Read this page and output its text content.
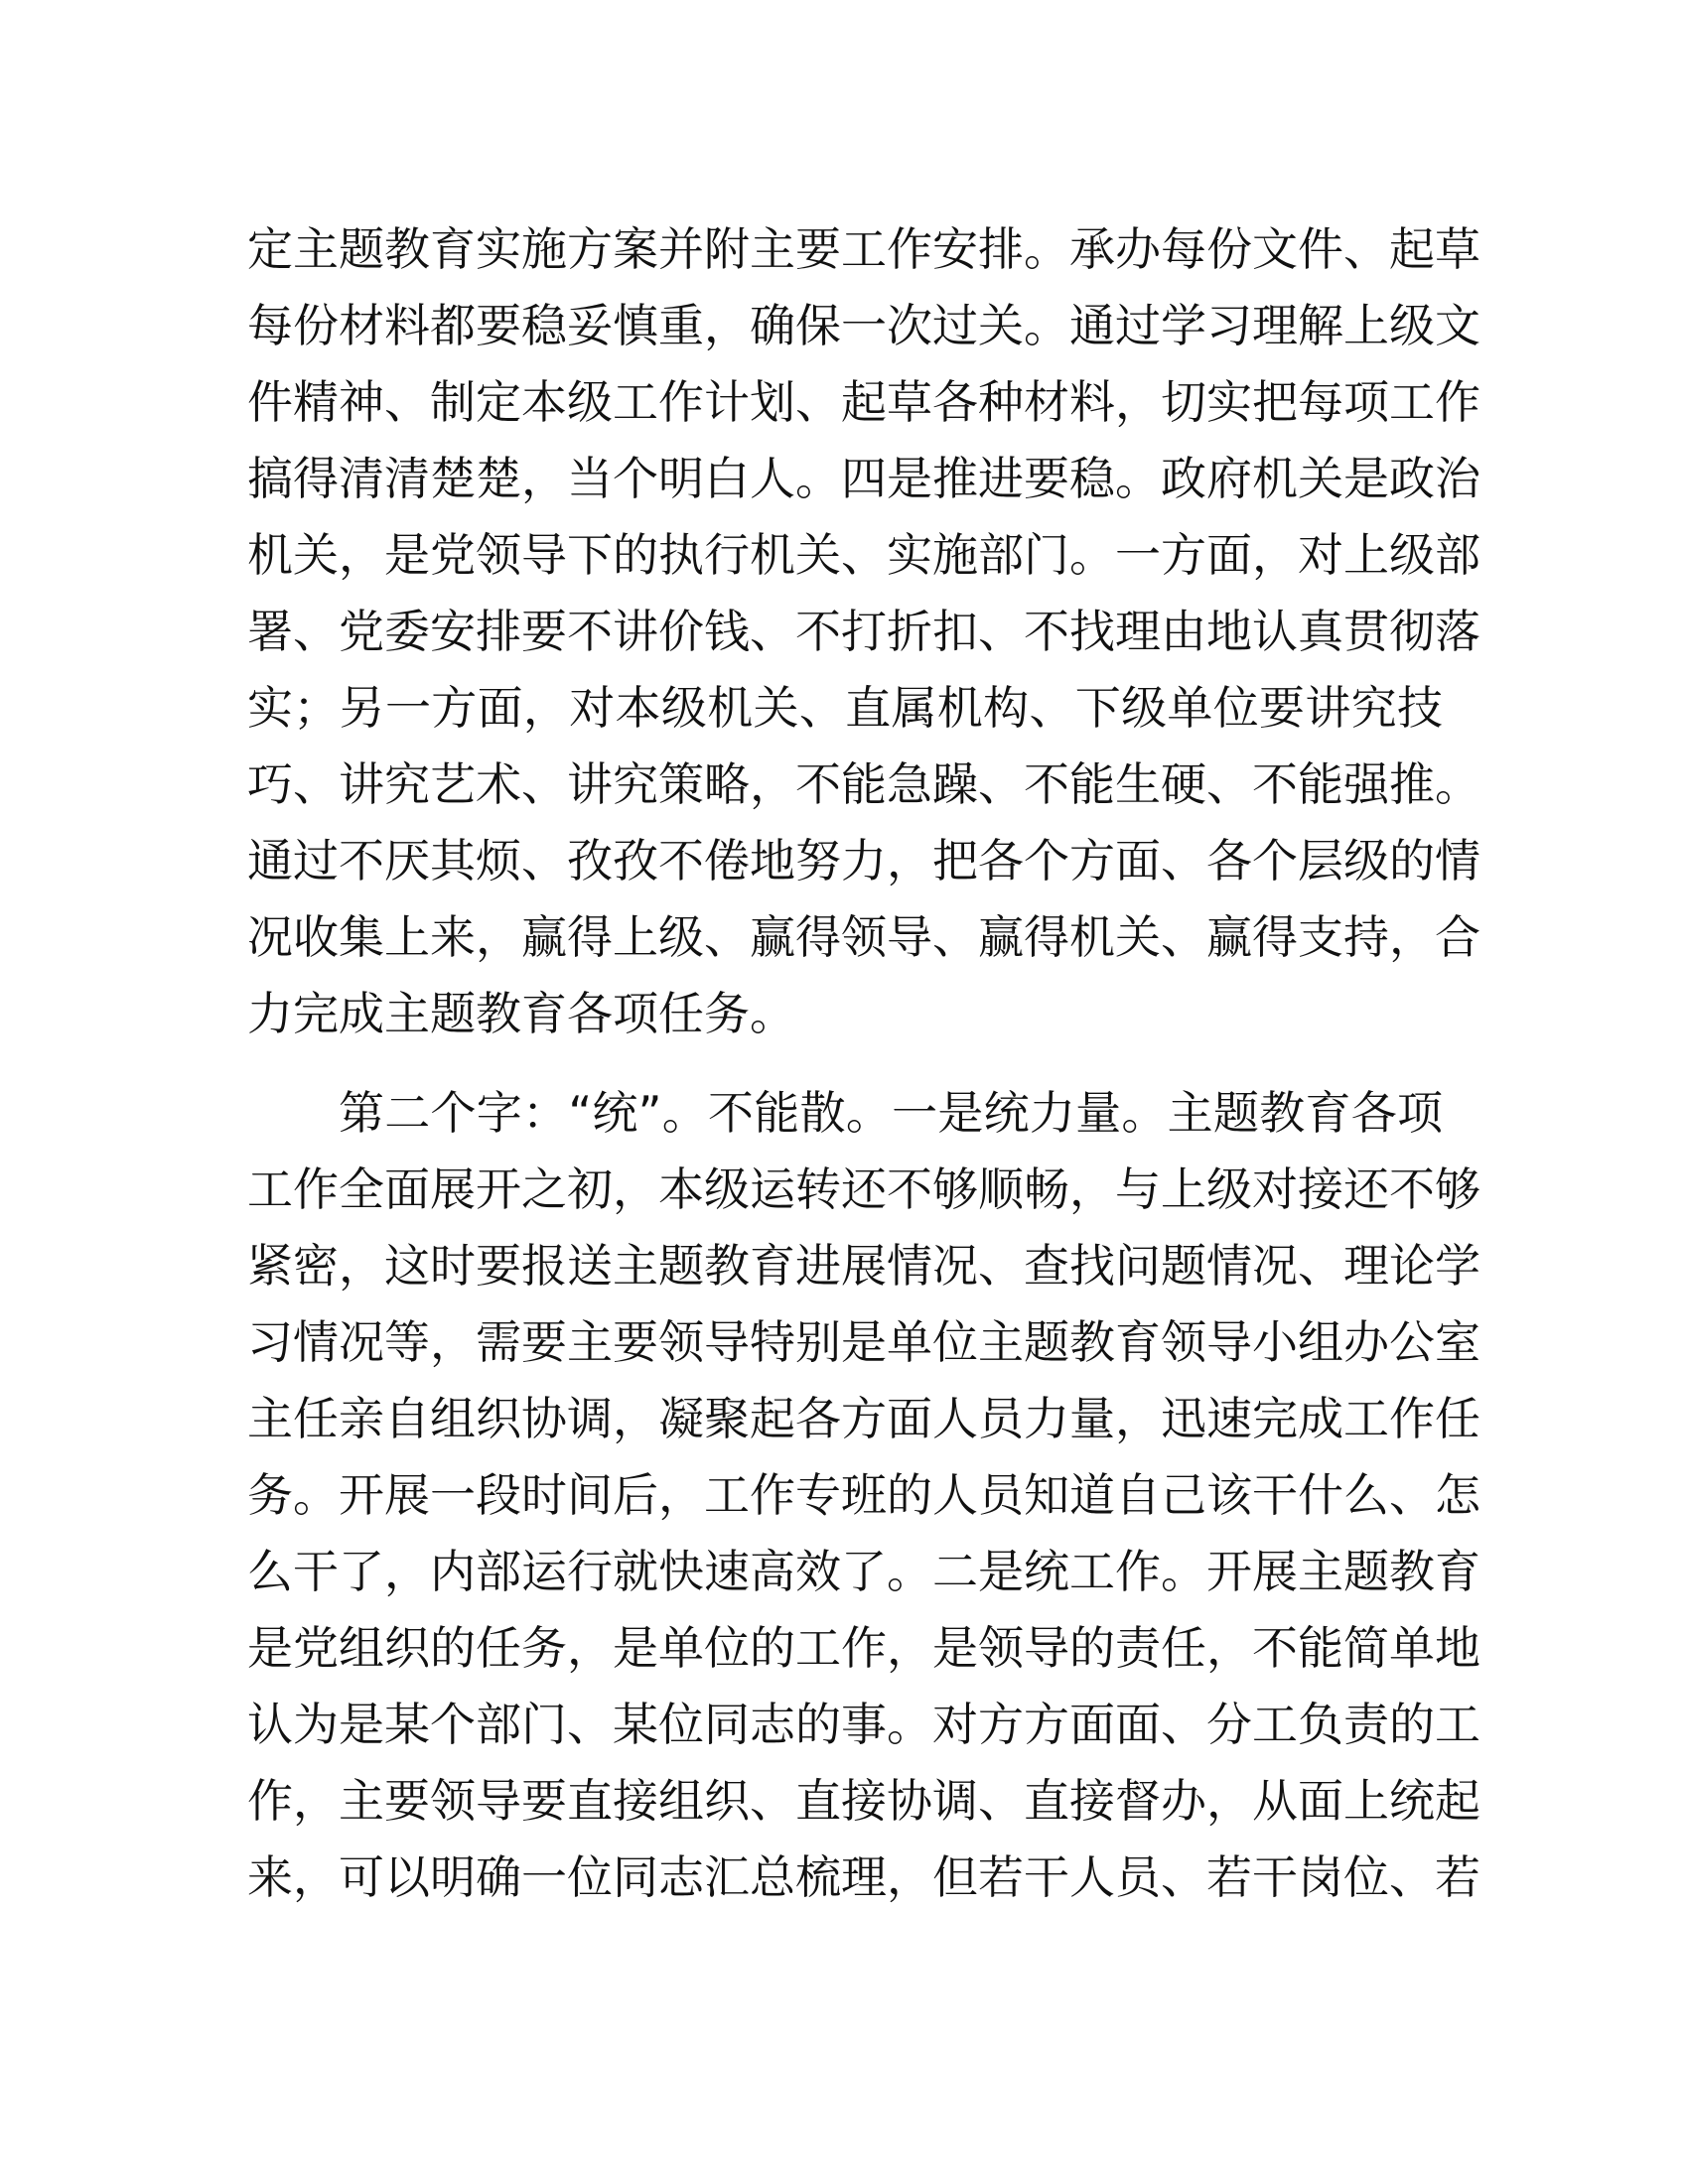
定主题教育实施方案并附主要工作安排。承办每份文件、起草
每份材料都要稳妥慎重，确保一次过关。通过学习理解上级文
件精神、制定本级工作计划、起草各种材料，切实把每项工作
搞得清清楚楚，当个明白人。四是推进要稳。政府机关是政治
机关，是党领导下的执行机关、实施部门。一方面，对上级部
署、党委安排要不讲价钱、不打折扣、不找理由地认真贯彻落
实；另一方面，对本级机关、直属机构、下级单位要讲究技
巧、讲究艺术、讲究策略，不能急躁、不能生硬、不能强推。
通过不厌其烦、孜孜不倦地努力，把各个方面、各个层级的情
况收集上来，赢得上级、赢得领导、赢得机关、赢得支持，合
力完成主题教育各项任务。
第二个字：“统”。不能散。一是统力量。主题教育各项
工作全面展开之初，本级运转还不够顺畅，与上级对接还不够
紧密，这时要报送主题教育进展情况、查找问题情况、理论学
习情况等，需要主要领导特别是单位主题教育领导小组办公室
主任亲自组织协调，凝聚起各方面人员力量，迅速完成工作任
务。开展一段时间后，工作专班的人员知道自己该干什么、怎
么干了，内部运行就快速高效了。二是统工作。开展主题教育
是党组织的任务，是单位的工作，是领导的责任，不能简单地
认为是某个部门、某位同志的事。对方方面面、分工负责的工
作，主要领导要直接组织、直接协调、直接督办，从面上统起
来，可以明确一位同志汇总梳理，但若干人员、若干岗位、若
